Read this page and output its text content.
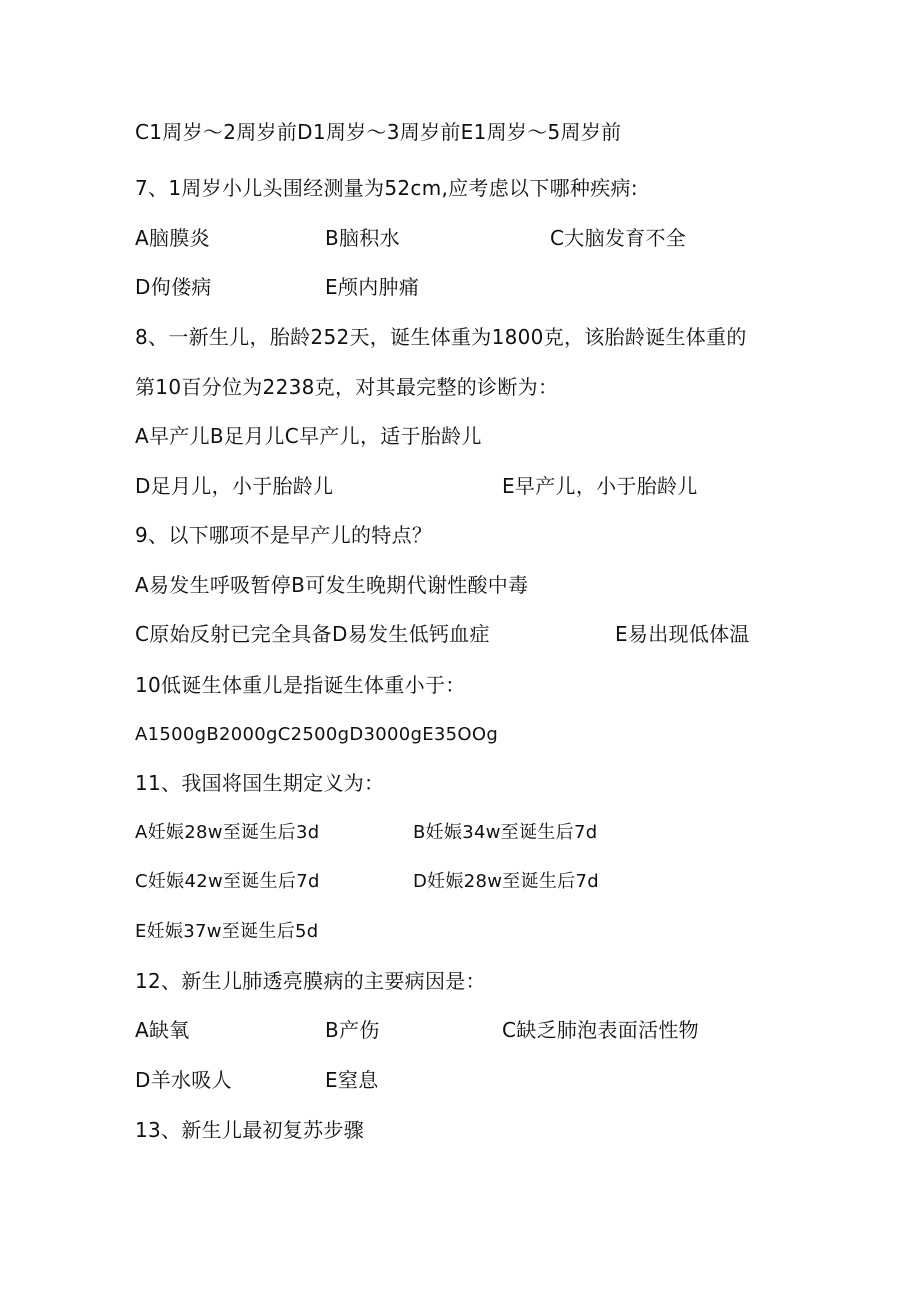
C1周岁～2周岁前D1周岁～3周岁前E1周岁～5周岁前
7、1周岁小儿头围经测量为52cm,应考虑以下哪种疾病:
A脑膜炎	B脑积水	C大脑发育不全
D佝偻病	E颅内肿痛
8、一新生儿，胎龄252天，诞生体重为1800克，该胎龄诞生体重的
第10百分位为2238克，对其最完整的诊断为：
A早产儿B足月儿C早产儿，适于胎龄儿
D足月儿，小于胎龄儿	E早产儿，小于胎龄儿
9、以下哪项不是早产儿的特点？
A易发生呼吸暂停B可发生晚期代谢性酸中毒
C原始反射已完全具备D易发生低钙血症	E易出现低体温
10低诞生体重儿是指诞生体重小于：
A1500gB2000gC2500gD3000gE35OOg
11、我国将国生期定义为：
A妊娠28w至诞生后3d	B妊娠34w至诞生后7d
C妊娠42w至诞生后7d	D妊娠28w至诞生后7d
E妊娠37w至诞生后5d
12、新生儿肺透亮膜病的主要病因是：
A缺氧	B产伤	C缺乏肺泡表面活性物
D羊水吸人	E窒息
13、新生儿最初复苏步骤
